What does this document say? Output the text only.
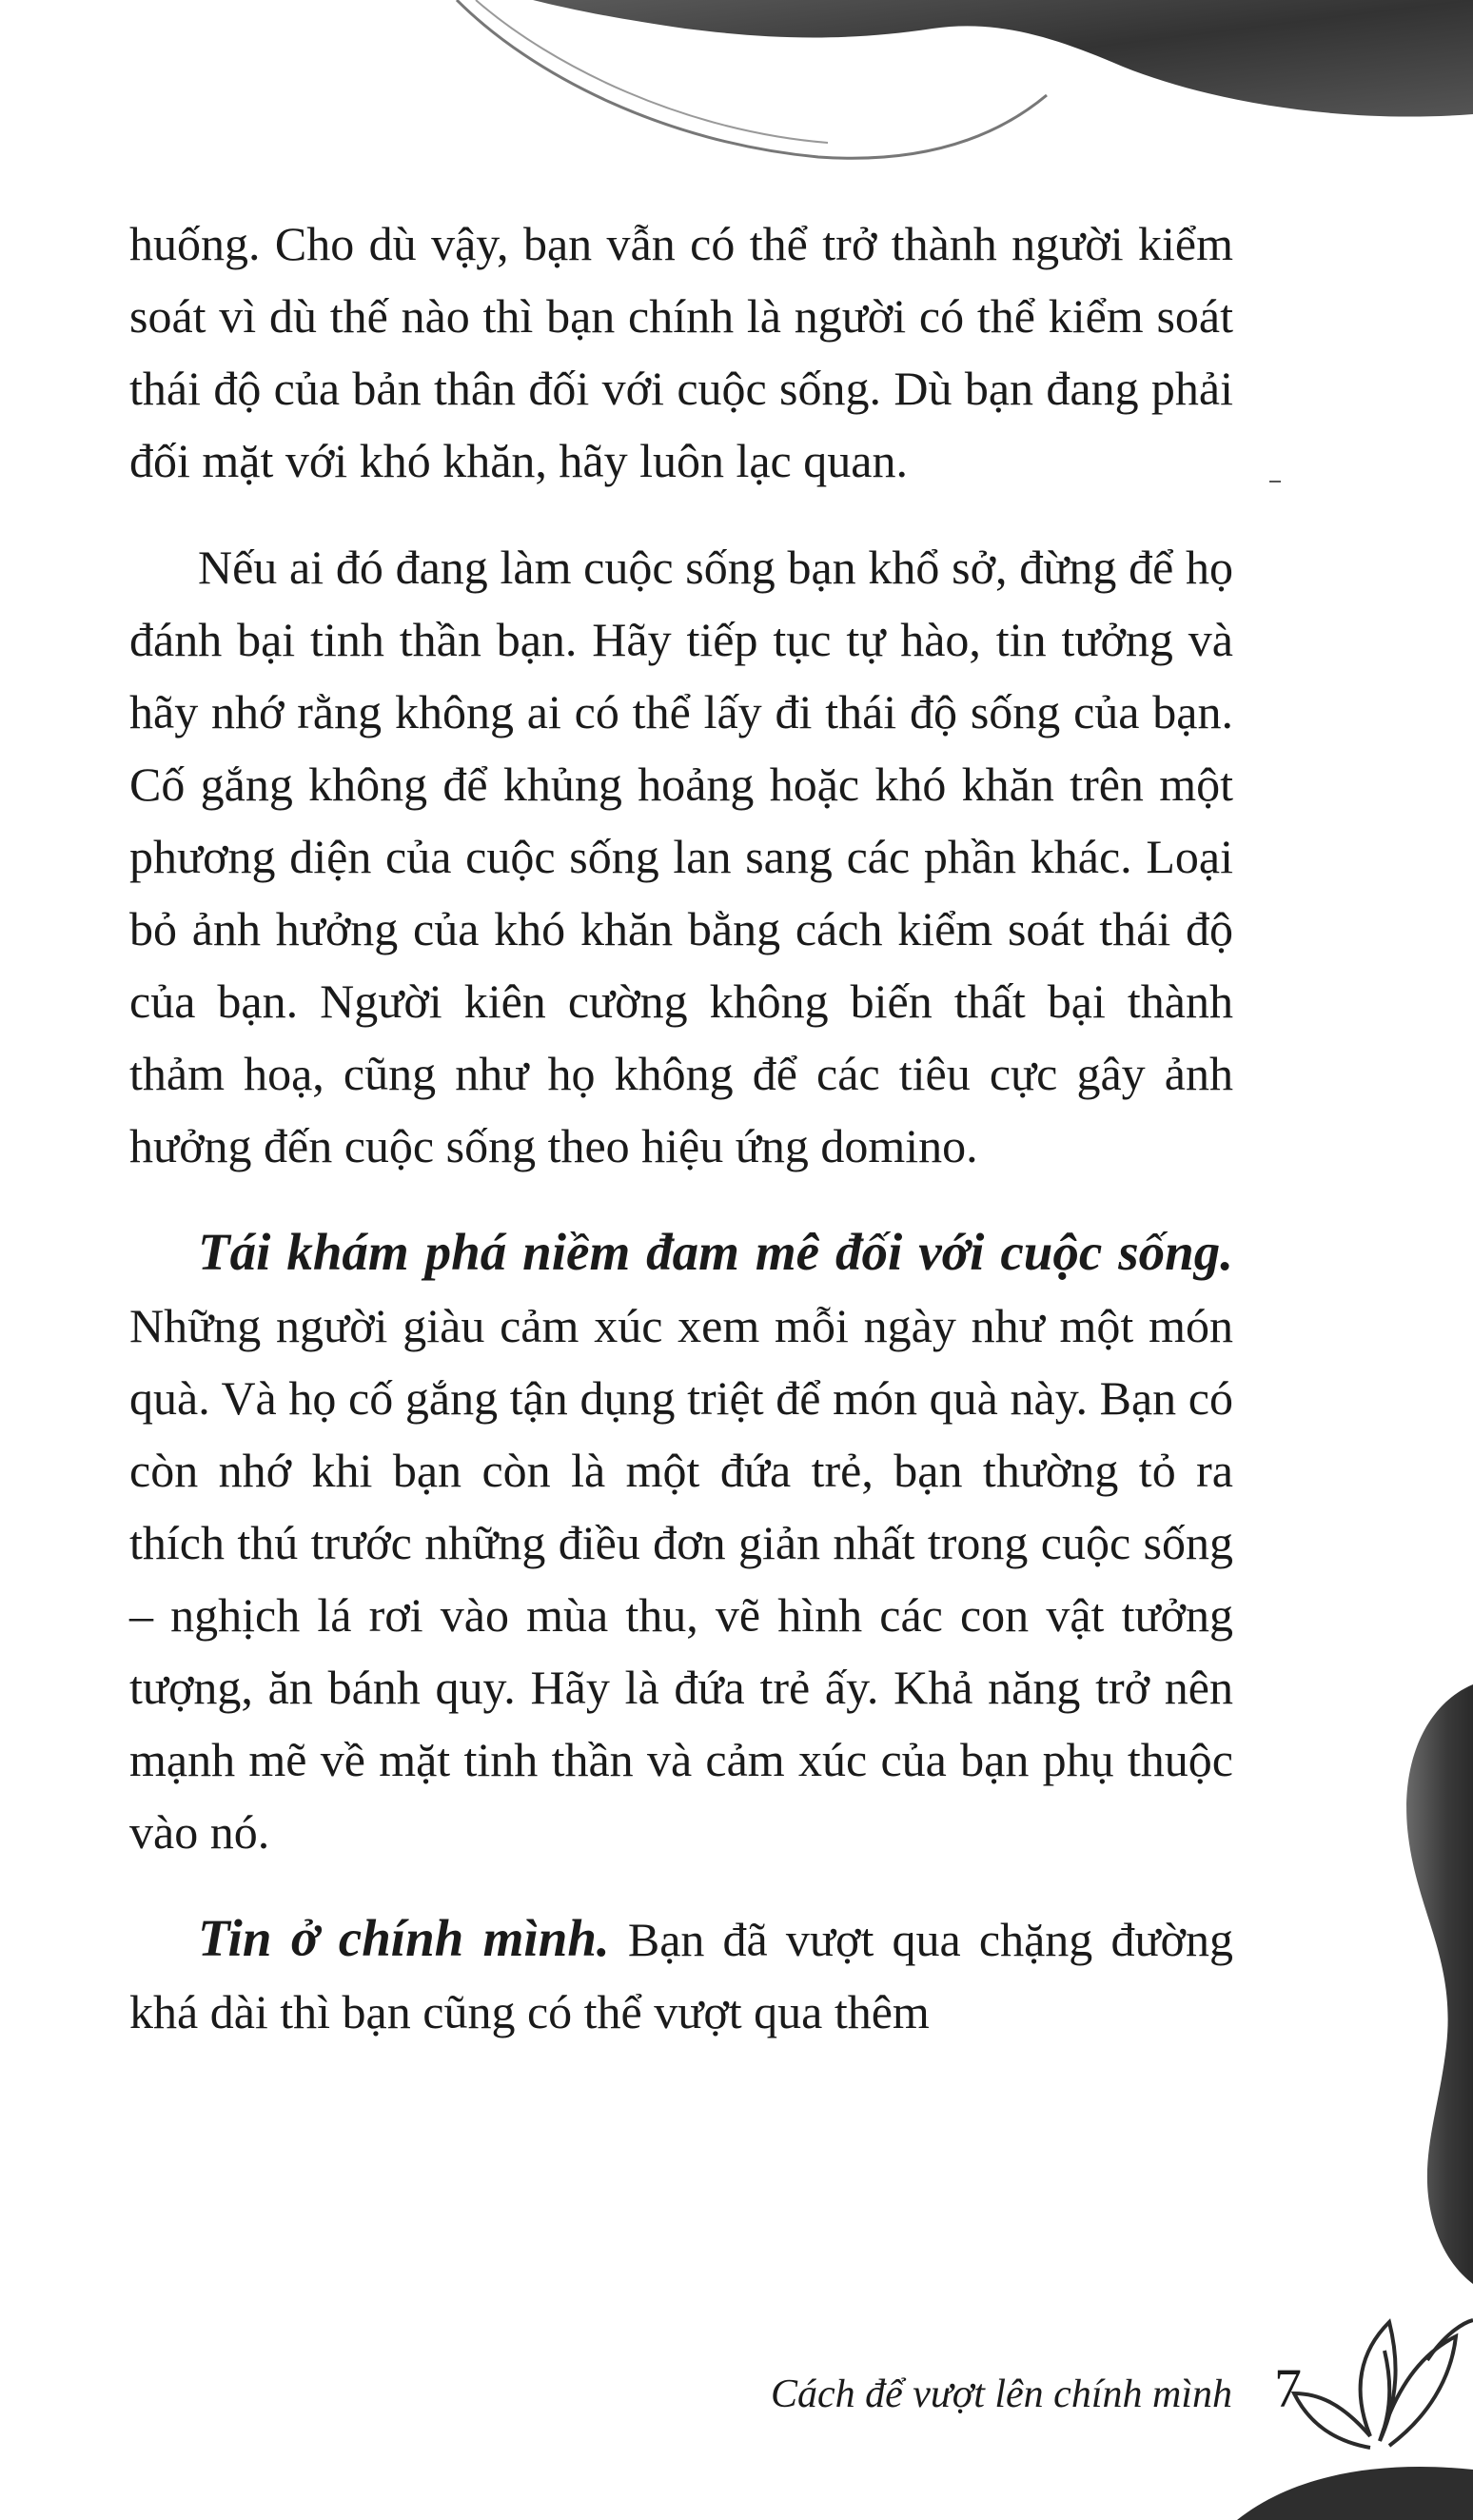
huống. Cho dù vậy, bạn vẫn có thể trở thành người kiểm soát vì dù thế nào thì bạn chính là người có thể kiểm soát thái độ của bản thân đối với cuộc sống. Dù bạn đang phải đối mặt với khó khăn, hãy luôn lạc quan.

Nếu ai đó đang làm cuộc sống bạn khổ sở, đừng để họ đánh bại tinh thần bạn. Hãy tiếp tục tự hào, tin tưởng và hãy nhớ rằng không ai có thể lấy đi thái độ sống của bạn. Cố gắng không để khủng hoảng hoặc khó khăn trên một phương diện của cuộc sống lan sang các phần khác. Loại bỏ ảnh hưởng của khó khăn bằng cách kiểm soát thái độ của bạn. Người kiên cường không biến thất bại thành thảm hoạ, cũng như họ không để các tiêu cực gây ảnh hưởng đến cuộc sống theo hiệu ứng domino.

Tái khám phá niềm đam mê đối với cuộc sống. Những người giàu cảm xúc xem mỗi ngày như một món quà. Và họ cố gắng tận dụng triệt để món quà này. Bạn có còn nhớ khi bạn còn là một đứa trẻ, bạn thường tỏ ra thích thú trước những điều đơn giản nhất trong cuộc sống – nghịch lá rơi vào mùa thu, vẽ hình các con vật tưởng tượng, ăn bánh quy. Hãy là đứa trẻ ấy. Khả năng trở nên mạnh mẽ về mặt tinh thần và cảm xúc của bạn phụ thuộc vào nó.

Tin ở chính mình. Bạn đã vượt qua chặng đường khá dài thì bạn cũng có thể vượt qua thêm

Cách để vượt lên chính mình 7
